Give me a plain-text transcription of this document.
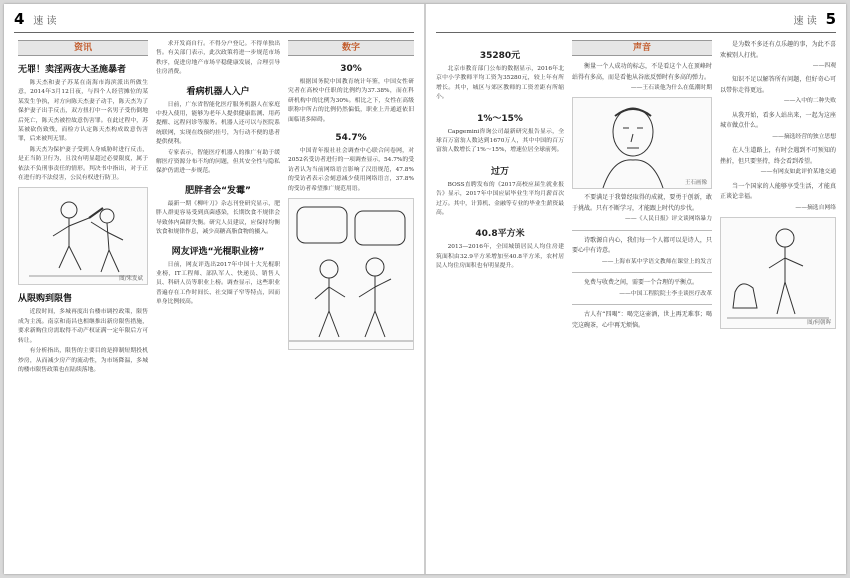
4 速 读	速 读 5
资讯
无罪！卖淫两夜大圣施暴者

陈天杰和妻子苏某在南海市海滨派出所做生意，2014年3月12日夜，与四个人经营摊位的某某发生争执，对方向陈天杰妻子动手，陈天杰为了保护妻子出手反击，双方扭打中一名男子受伤倒地后死亡，陈天杰被控故意伤害罪。在此过程中，苏某被砍伤致残，而检方认定陈天杰构成故意伤害罪，后来被判无罪。

陈天杰为保护妻子受到人身威胁时进行反击，是正当防卫行为，且没有明显超过必要限度，属于依法不负刑事责任的情形。判决书中指出，对于正在进行的不法侵害，公民有权进行防卫。

图/朱友斌
从限购到限售

近段时间，多城再度出台楼市调控政策，限售成为主流。南京和南昌也相继推出新房限售措施，要求新购住房需取得不动产权证满一定年限后方可转让。

有分析指出，限售的主要目的是抑制短期投机炒房，从而减少房产的流动性，为市场降温，多城的楼市限售政策也在陆续落地。

求开发商自行。不得分户登记。不得单独出售。有关部门表示，此次政策将进一步规范市场秩序，促进房地产市场平稳健康发展，合理引导住房消费。

看病机器人入户

日前，广东省智能化医疗服务机器人在家庭中投入使用，能够为老年人提供健康监测、用药提醒、远程问诊等服务。机器人还可以与医院系统联网，实现在线预约挂号，为行动不便的患者提供便利。

专家表示，智能医疗机器人的推广有助于缓解医疗资源分布不均的问题，但其安全性与隐私保护仍需进一步规范。

肥胖者会“发霉”

最新一期《柳叶刀》杂志刊登研究显示，肥胖人群更容易受到真菌感染，长期饮食不规律会导致体内菌群失衡。研究人员建议，应保持均衡饮食和规律作息，减少高糖高脂食物的摄入。

网友评选“光棍职业榜”

日前，网友评选出2017年中国十大光棍职业榜，IT工程师、部队军人、快递员、销售人员、科研人员等职业上榜。调查显示，这些职业普遍存在工作时间长、社交圈子窄等特点，因而单身比例较高。

数字
30%

根据国务院中国教育统计年鉴，中国女性研究者在高校中任职的比例约为37.38%，而在科研机构中的比例为30%。相比之下，女性在高级职称中所占的比例仍然偏低，职业上升通道依旧面临诸多障碍。

54.7%

中国青年报社社会调查中心联合问卷网，对2052名受访者进行的一项调查显示，54.7%的受访者认为当前网络语言影响了汉语规范，47.8%的受访者表示会刻意减少使用网络语言，37.8%的受访者希望推广规范用语。

35280元

北京市教育部门公布的数据显示，2016年北京中小学教师平均工资为35280元，较上年有所增长。其中，城区与郊区教师的工资差距有所缩小。

1%～15%

Capgemini咨询公司最新研究报告显示，全球百万富翁人数达到1670万人，其中中国的百万富翁人数增长了1%～15%，增速位居全球前列。

过万

BOSS直聘发布的《2017高校应届生就业报告》显示，2017年中国应届毕业生平均月薪首次过万。其中，计算机、金融等专业的毕业生薪资最高。

40.8平方米

2013—2016年，全国城镇居民人均住房建筑面积由32.9平方米增加至40.8平方米，农村居民人均住房面积也有明显提升。

声音

衡量一个人成功的标志，不是看这个人在顶峰时站得有多高，而是看他从谷底反弹时有多高的弹力。

——王石谈他为什么在低潮时期
王石画像

不要满足于我曾经取得的成就，要勇于创新，敢于挑战。只有不断学习，才能跟上时代的步伐。

——《人民日报》评文谈网络暴力

诗歌源自内心，我们每一个人都可以是诗人，只要心中有诗意。

——上海市某中学语文教师在课堂上的发言

免费与收费之间，需要一个合理的平衡点。

——中国工程院院士李圭谈医疗改革

古人有“四喝”：喝完这壶酒，世上再无难事；喝完这碗茶，心中再无烦恼。

是为数不多还有点乐趣的事，为此不喜欢被别人打扰。

——四观

知识不足以解答所有问题，但好奇心可以带你走得更远。

——入中的二种失败

从我开始，看多人站出来，一起为这座城市做点什么。

——摘选经营的独立思想

在人生道路上，有时会遇到不可预知的挫折，但只要坚持，终会看到希望。

——有网友如此评价某地交通

当一个国家的人能够享受生活，才能真正谈论幸福。

——摘选自网络
图/何朝晖
